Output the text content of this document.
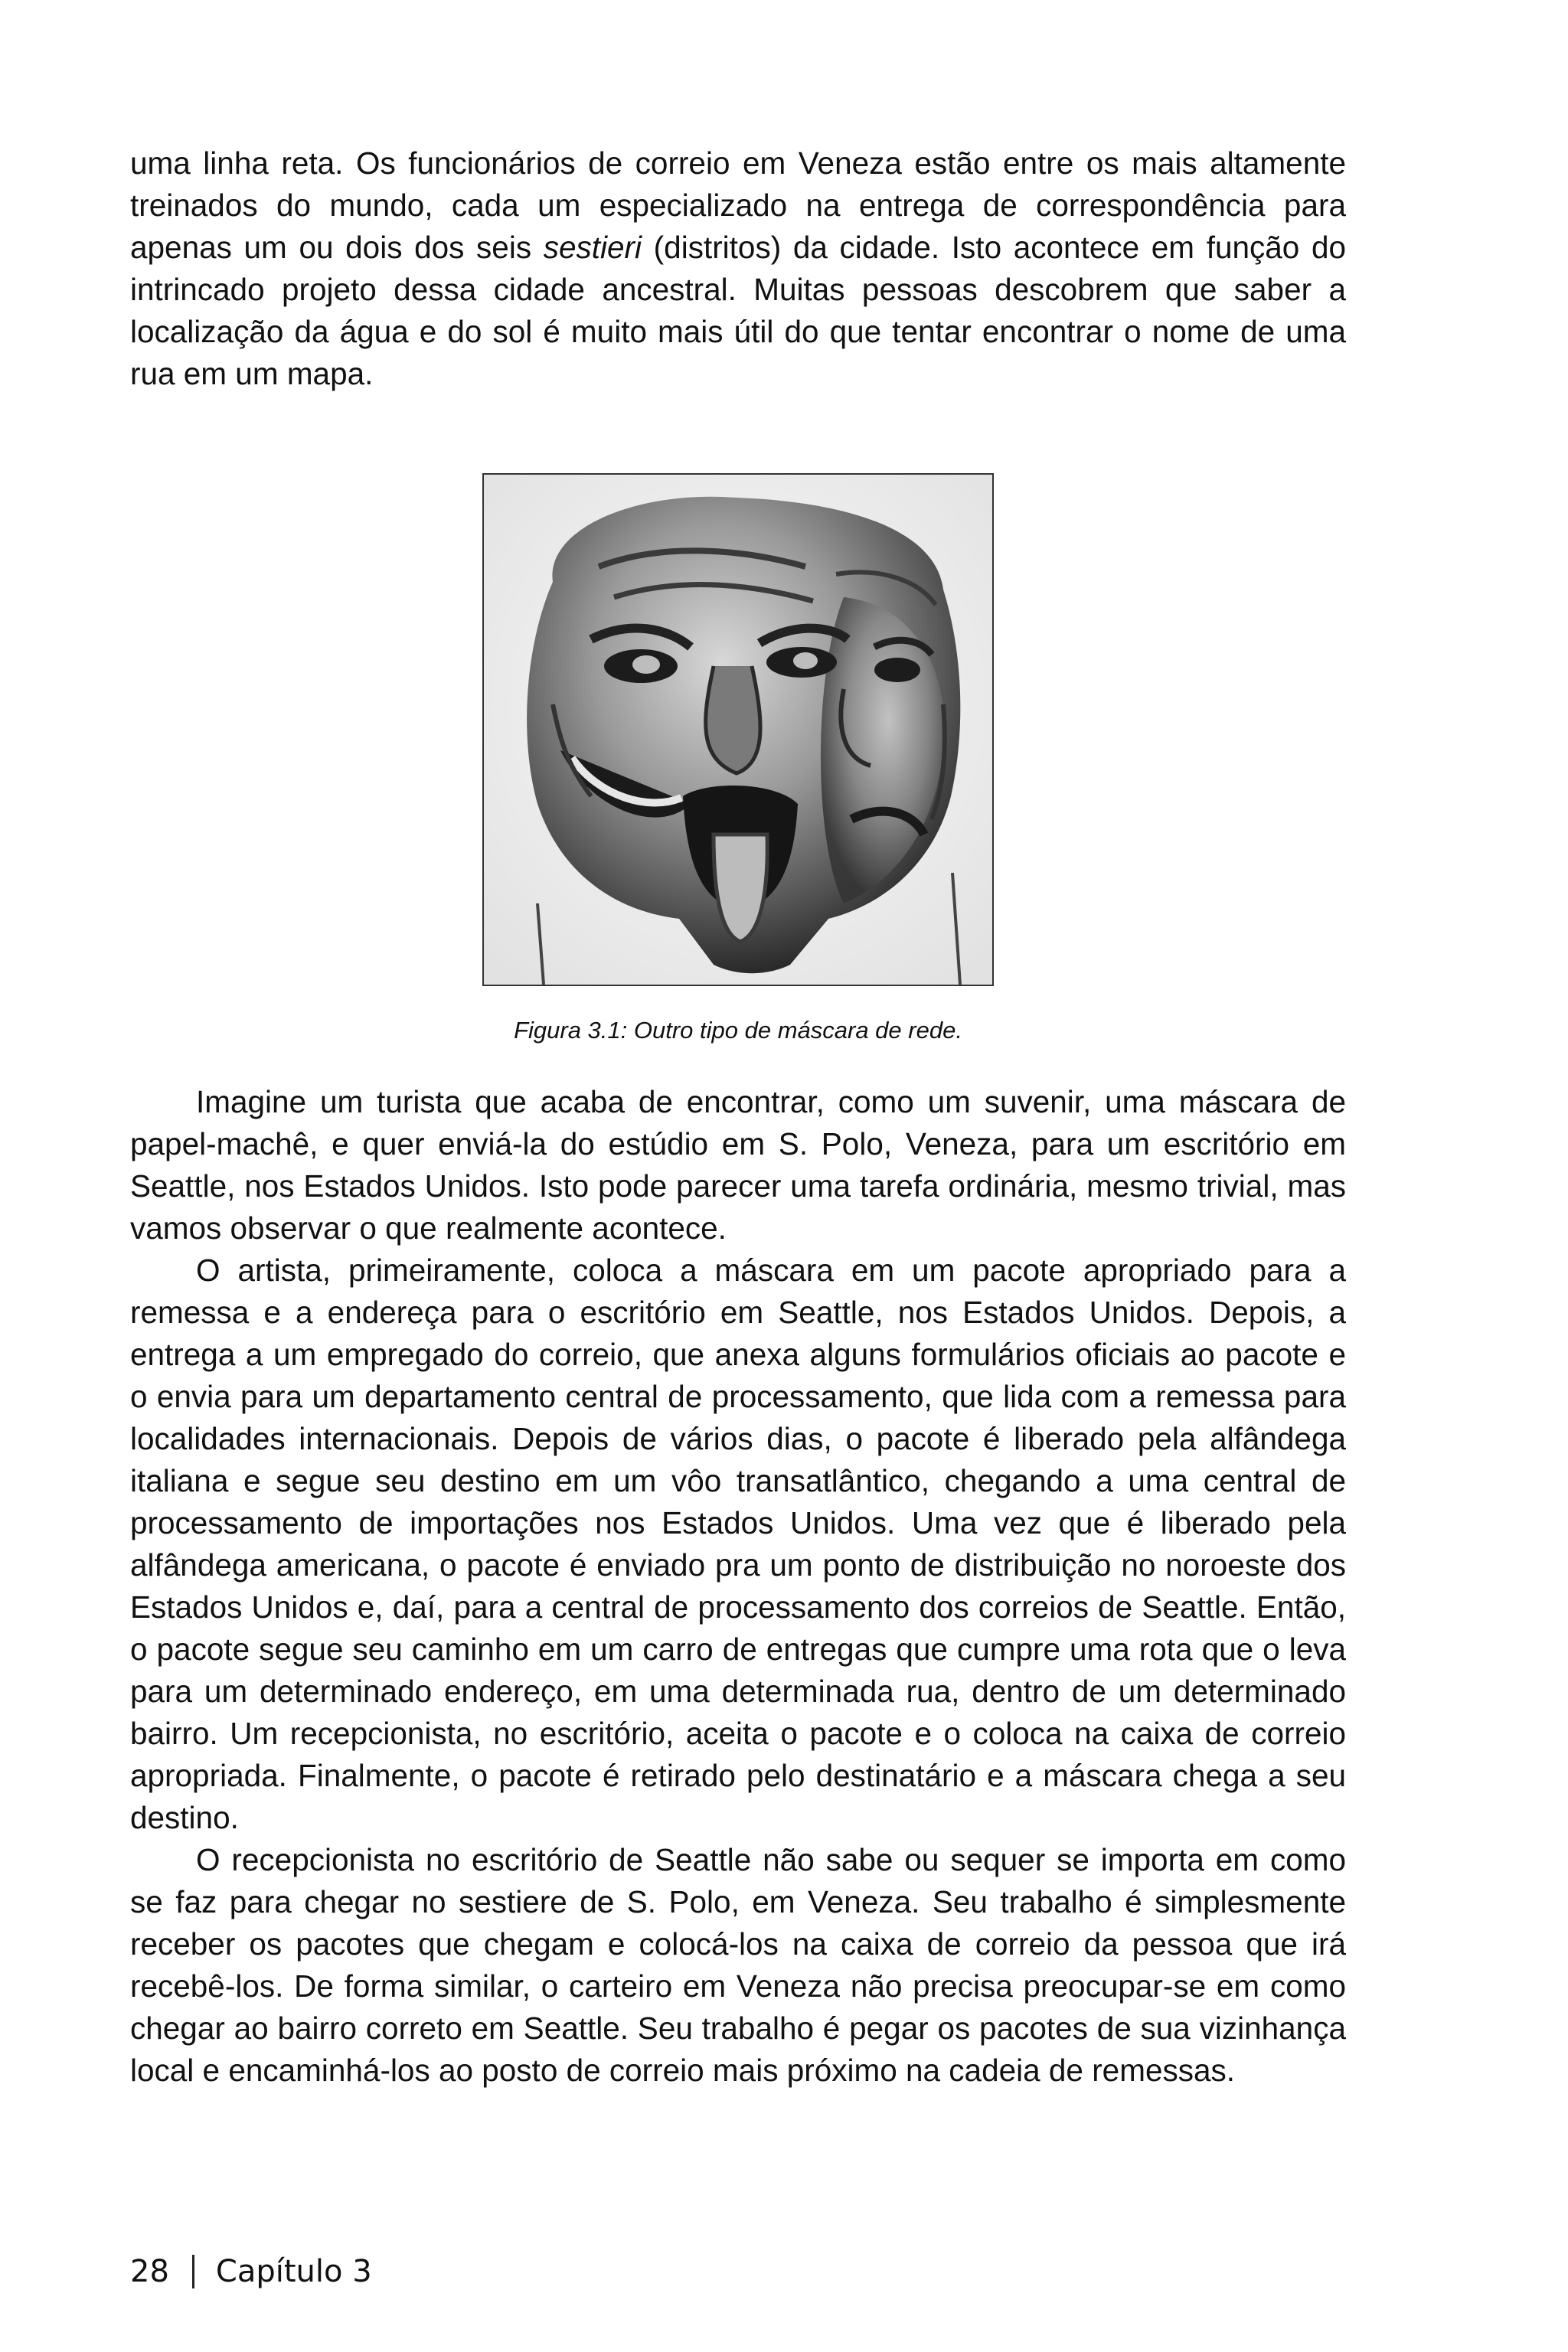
uma linha reta. Os funcionários de correio em Veneza estão entre os mais altamente treinados do mundo, cada um especializado na entrega de correspondência para apenas um ou dois dos seis sestieri (distritos) da cidade. Isto acontece em função do intrincado projeto dessa cidade ancestral. Muitas pessoas descobrem que saber a localização da água e do sol é muito mais útil do que tentar encontrar o nome de uma rua em um mapa.

Figura 3.1: Outro tipo de máscara de rede.

Imagine um turista que acaba de encontrar, como um suvenir, uma máscara de papel-machê, e quer enviá-la do estúdio em S. Polo, Veneza, para um escritório em Seattle, nos Estados Unidos. Isto pode parecer uma tarefa ordinária, mesmo trivial, mas vamos observar o que realmente acontece.

O artista, primeiramente, coloca a máscara em um pacote apropriado para a remessa e a endereça para o escritório em Seattle, nos Estados Unidos. Depois, a entrega a um empregado do correio, que anexa alguns formulários oficiais ao pacote e o envia para um departamento central de processamento, que lida com a remessa para localidades internacionais. Depois de vários dias, o pacote é liberado pela alfândega italiana e segue seu destino em um vôo transatlântico, chegando a uma central de processamento de importações nos Estados Unidos. Uma vez que é liberado pela alfândega americana, o pacote é enviado pra um ponto de distribuição no noroeste dos Estados Unidos e, daí, para a central de processamento dos correios de Seattle. Então, o pacote segue seu caminho em um carro de entregas que cumpre uma rota que o leva para um determinado endereço, em uma determinada rua, dentro de um determinado bairro. Um recepcionista, no escritório, aceita o pacote e o coloca na caixa de correio apropriada. Finalmente, o pacote é retirado pelo destinatário e a máscara chega a seu destino.

O recepcionista no escritório de Seattle não sabe ou sequer se importa em como se faz para chegar no sestiere de S. Polo, em Veneza. Seu trabalho é simplesmente receber os pacotes que chegam e colocá-los na caixa de correio da pessoa que irá recebê-los. De forma similar, o carteiro em Veneza não precisa preocupar-se em como chegar ao bairro correto em Seattle. Seu trabalho é pegar os pacotes de sua vizinhança local e encaminhá-los ao posto de correio mais próximo na cadeia de remessas.

28 Capítulo 3
